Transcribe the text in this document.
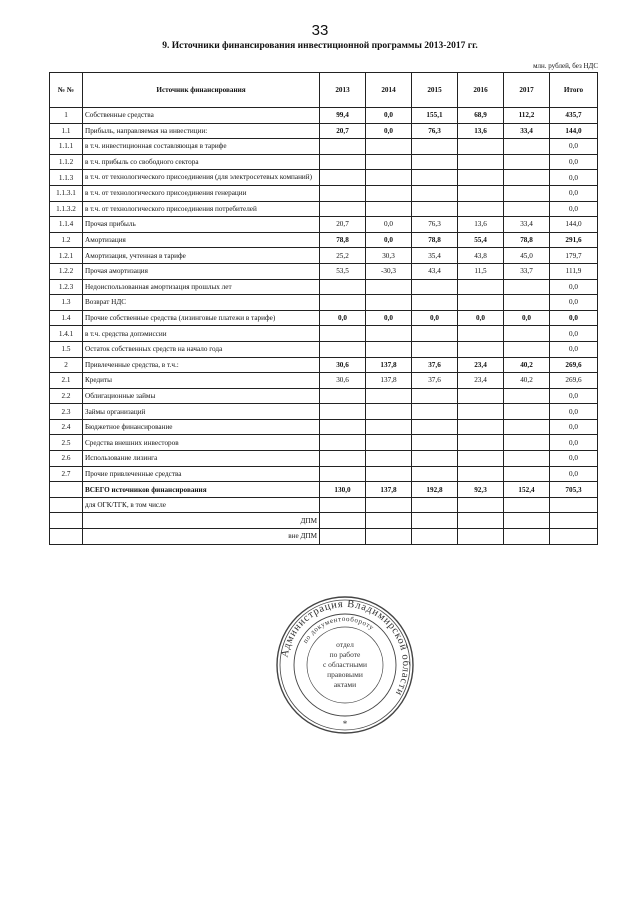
33
9. Источники финансирования инвестиционной программы 2013-2017 гг.
млн. рублей, без НДС
№ №	Источник финансирования	2013	2014	2015	2016	2017	Итого
1	Собственные средства	99,4	0,0	155,1	68,9	112,2	435,7
1.1	Прибыль, направляемая на инвестиции:	20,7	0,0	76,3	13,6	33,4	144,0
1.1.1	в т.ч. инвестиционная составляющая в тарифе						0,0
1.1.2	в т.ч. прибыль со свободного сектора						0,0
1.1.3	в т.ч. от технологического присоединения (для электросетевых компаний)						0,0
1.1.3.1	в т.ч. от технологического присоединения генерации						0,0
1.1.3.2	в т.ч. от технологического присоединения потребителей						0,0
1.1.4	Прочая прибыль	20,7	0,0	76,3	13,6	33,4	144,0
1.2	Амортизация	78,8	0,0	78,8	55,4	78,8	291,6
1.2.1	Амортизация, учтенная в тарифе	25,2	30,3	35,4	43,8	45,0	179,7
1.2.2	Прочая амортизация	53,5	-30,3	43,4	11,5	33,7	111,9
1.2.3	Недоиспользованная амортизация прошлых лет						0,0
1.3	Возврат НДС						0,0
1.4	Прочие собственные средства (лизинговые платежи в тарифе)	0,0	0,0	0,0	0,0	0,0	0,0
1.4.1	в т.ч. средства допэмиссии						0,0
1.5	Остаток собственных средств на начало года						0,0
2	Привлеченные средства, в т.ч.:	30,6	137,8	37,6	23,4	40,2	269,6
2.1	Кредиты	30,6	137,8	37,6	23,4	40,2	269,6
2.2	Облигационные займы						0,0
2.3	Займы организаций						0,0
2.4	Бюджетное финансирование						0,0
2.5	Средства внешних инвесторов						0,0
2.6	Использование лизинга						0,0
2.7	Прочие привлеченные средства						0,0
	ВСЕГО источников финансирования	130,0	137,8	192,8	92,3	152,4	705,3
	для ОГК/ТГК, в том числе						
	ДПМ						
	вне ДПМ						
Администрация Владимирской области
по документообороту
отдел
по работе
с областными
правовыми
актами
*
